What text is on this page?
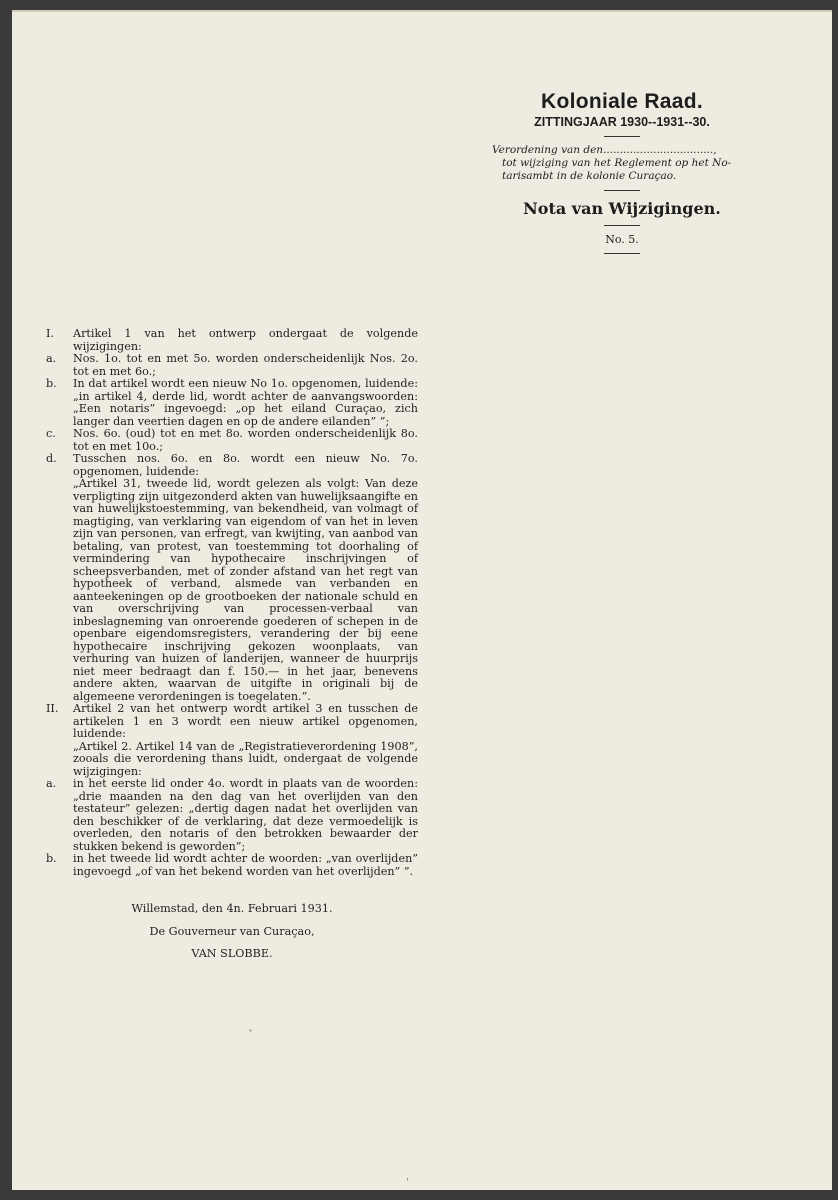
Koloniale Raad.
ZITTINGJAAR 1930--1931--30.
Verordening van den.................................,
tot wijziging van het Reglement op het No-
tarisambt in de kolonie Curaçao.
Nota van Wijzigingen.
No. 5.
I.	Artikel 1 van het ontwerp ondergaat de volgende wijzigingen:
a.	Nos. 1o. tot en met 5o. worden onderscheidenlijk Nos. 2o. tot en met 6o.;
b.	In dat artikel wordt een nieuw No 1o. opgenomen, luidende: „in artikel 4, derde lid, wordt achter de aanvangswoorden: „Een notaris” ingevoegd: „op het eiland Curaçao, zich langer dan veertien dagen en op de andere eilanden” ”;
c.	Nos. 6o. (oud) tot en met 8o. worden onderscheidenlijk 8o. tot en met 10o.;
d.	Tusschen nos. 6o. en 8o. wordt een nieuw No. 7o. opgenomen, luidende:
„Artikel 31, tweede lid, wordt gelezen als volgt: Van deze verpligting zijn uitgezonderd akten van huwelijksaangifte en van huwelijkstoestemming, van bekendheid, van volmagt of magtiging, van verklaring van eigendom of van het in leven zijn van personen, van erfregt, van kwijting, van aanbod van betaling, van protest, van toestemming tot doorhaling of vermindering van hypothecaire inschrijvingen of scheepsverbanden, met of zonder afstand van het regt van hypotheek of verband, alsmede van verbanden en aanteekeningen op de grootboeken der nationale schuld en van overschrijving van processen-verbaal van inbeslagneming van onroerende goederen of schepen in de openbare eigendomsregisters, verandering der bij eene hypothecaire inschrijving gekozen woonplaats, van verhuring van huizen of landerijen, wanneer de huurprijs niet meer bedraagt dan f. 150.— in het jaar, benevens andere akten, waarvan de uitgifte in originali bij de algemeene verordeningen is toegelaten.”.
II.	Artikel 2 van het ontwerp wordt artikel 3 en tusschen de artikelen 1 en 3 wordt een nieuw artikel opgenomen, luidende:
„Artikel 2. Artikel 14 van de „Registratieverordening 1908”, zooals die verordening thans luidt, ondergaat de volgende wijzigingen:
a.	in het eerste lid onder 4o. wordt in plaats van de woorden: „drie maanden na den dag van het overlijden van den testateur” gelezen: „dertig dagen nadat het overlijden van den beschikker of de verklaring, dat deze vermoedelijk is overleden, den notaris of den betrokken bewaarder der stukken bekend is geworden”;
b.	in het tweede lid wordt achter de woorden: „van overlijden” ingevoegd „of van het bekend worden van het overlijden” ”.
Willemstad, den 4n. Februari 1931.
De Gouverneur van Curaçao,
VAN SLOBBE.
ˇ
ˈ
